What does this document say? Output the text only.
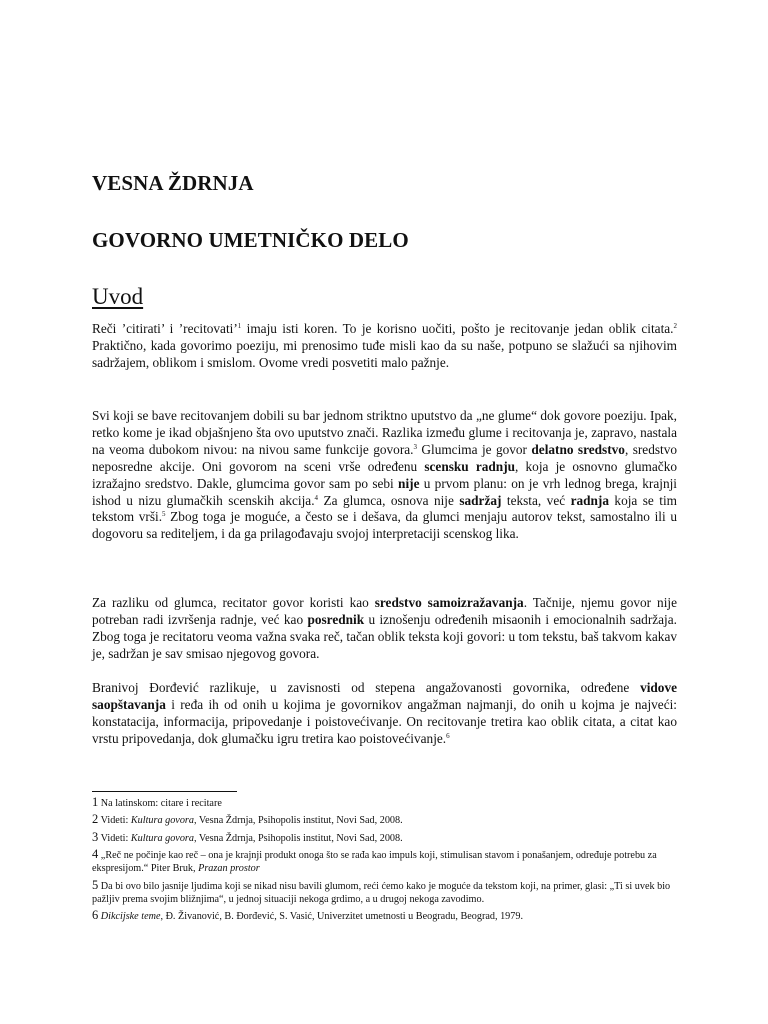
VESNA ŽDRNJA
GOVORNO UMETNIČKO DELO
Uvod

Reči ’citirati’ i ’recitovati’$^1$ imaju isti koren. To je korisno uočiti, pošto je recitovanje jedan oblik citata.$^2$ Praktično, kada govorimo poeziju, mi prenosimo tuđe misli kao da su naše, potpuno se slažući sa njihovim sadržajem, oblikom i smislom. Ovome vredi posvetiti malo pažnje.

Svi koji se bave recitovanjem dobili su bar jednom striktno uputstvo da „ne glume“ dok govore poeziju. Ipak, retko kome je ikad objašnjeno šta ovo uputstvo znači. Razlika između glume i recitovanja je, zapravo, nastala na veoma dubokom nivou: na nivou same funkcije govora.$^3$ Glumcima je govor delatno sredstvo, sredstvo neposredne akcije. Oni govorom na sceni vrše određenu scensku radnju, koja je osnovno glumačko izražajno sredstvo. Dakle, glumcima govor sam po sebi nije u prvom planu: on je vrh lednog brega, krajnji ishod u nizu glumačkih scenskih akcija.$^4$ Za glumca, osnova nije sadržaj teksta, već radnja koja se tim tekstom vrši.$^5$ Zbog toga je moguće, a često se i dešava, da glumci menjaju autorov tekst, samostalno ili u dogovoru sa rediteljem, i da ga prilagođavaju svojoj interpretaciji scenskog lika.

Za razliku od glumca, recitator govor koristi kao sredstvo samoizražavanja. Tačnije, njemu govor nije potreban radi izvršenja radnje, već kao posrednik u iznošenju određenih misaonih i emocionalnih sadržaja. Zbog toga je recitatoru veoma važna svaka reč, tačan oblik teksta koji govori: u tom tekstu, baš takvom kakav je, sadržan je sav smisao njegovog govora.

Branivoj Đorđević razlikuje, u zavisnosti od stepena angažovanosti govornika, određene vidove saopštavanja i ređa ih od onih u kojima je govornikov angažman najmanji, do onih u kojma je najveći: konstatacija, informacija, pripovedanje i poistovećivanje. On recitovanje tretira kao oblik citata, a citat kao vrstu pripovedanja, dok glumačku igru tretira kao poistovećivanje.$^6$

1 Na latinskom: citare i recitare

2 Videti: Kultura govora, Vesna Ždrnja, Psihopolis institut, Novi Sad, 2008.

3 Videti: Kultura govora, Vesna Ždrnja, Psihopolis institut, Novi Sad, 2008.

4 „Reč ne počinje kao reč – ona je krajnji produkt onoga što se rađa kao impuls koji, stimulisan stavom i ponašanjem, određuje potrebu za ekspresijom.“ Piter Bruk, Prazan prostor

5 Da bi ovo bilo jasnije ljudima koji se nikad nisu bavili glumom, reći ćemo kako je moguće da tekstom koji, na primer, glasi: „Ti si uvek bio pažljiv prema svojim bližnjima“, u jednoj situaciji nekoga grdimo, a u drugoj nekoga zavodimo.

6 Dikcijske teme, Đ. Živanović, B. Đorđević, S. Vasić, Univerzitet umetnosti u Beogradu, Beograd, 1979.
